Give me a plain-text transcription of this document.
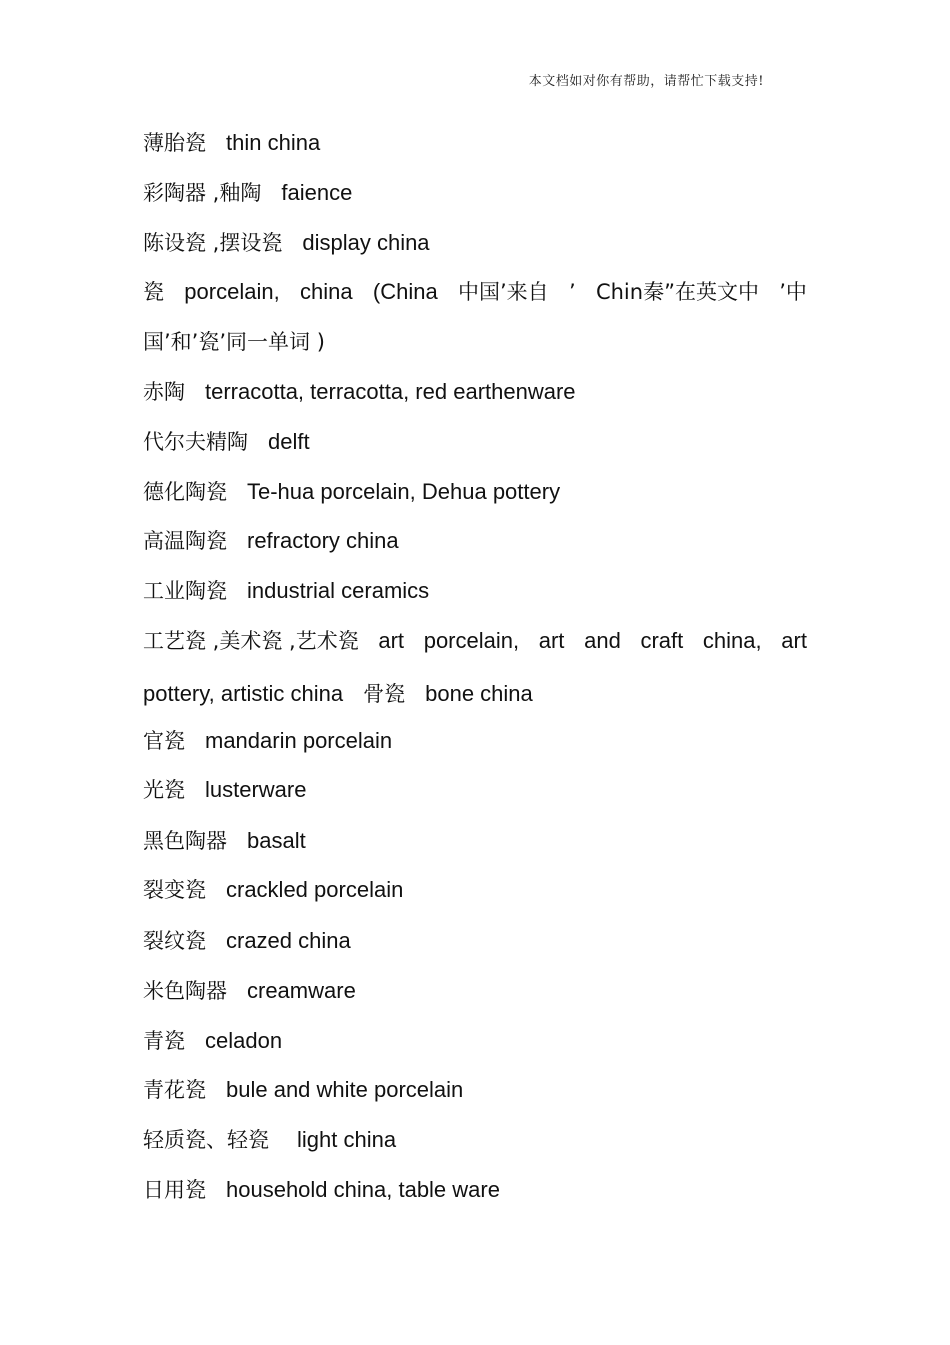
本文档如对你有帮助，请帮忙下载支持!
薄胎瓷 thin china
彩陶器 ,釉陶 faience
陈设瓷 ,摆设瓷 display china
瓷 porcelain, china (China 中国’来自 ’ Chin秦”在英文中 ’中
国’和’瓷’同一单词 )
赤陶 terracotta, terracotta, red earthenware
代尔夫精陶 delft
德化陶瓷 Te-hua porcelain, Dehua pottery
高温陶瓷 refractory china
工业陶瓷 industrial ceramics
工艺瓷 ,美术瓷 ,艺术瓷 art porcelain, art and craft china, art
pottery, artistic china 骨瓷 bone china
官瓷 mandarin porcelain
光瓷 lusterware
黑色陶器 basalt
裂变瓷 crackled porcelain
裂纹瓷 crazed china
米色陶器 creamware
青瓷 celadon
青花瓷 bule and white porcelain
轻质瓷、轻瓷 light china
日用瓷 household china, table ware
